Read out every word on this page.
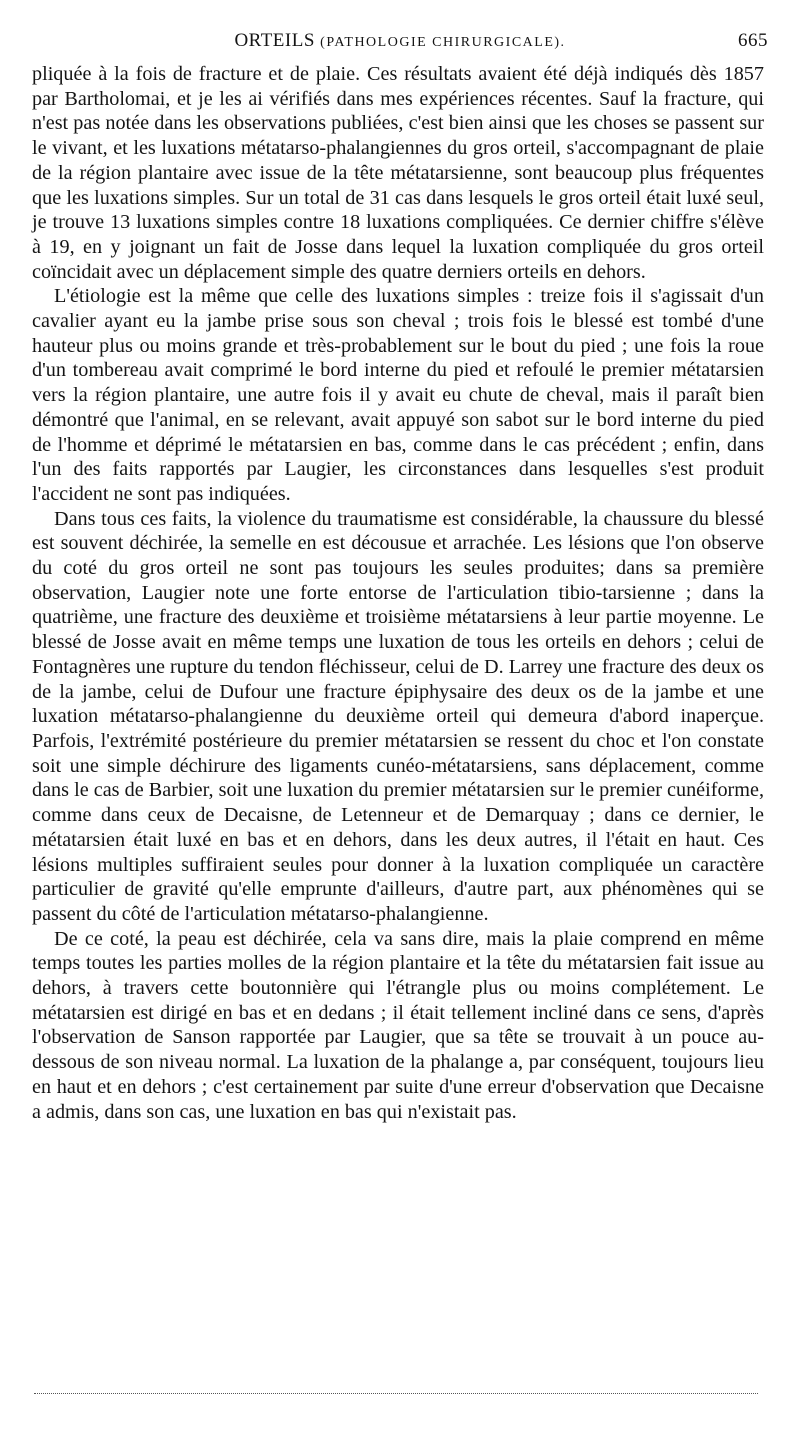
ORTEILS (PATHOLOGIE CHIRURGICALE).	665

pliquée à la fois de fracture et de plaie. Ces résultats avaient été déjà indiqués dès 1857 par Bartholomai, et je les ai vérifiés dans mes expériences récentes. Sauf la fracture, qui n'est pas notée dans les observations publiées, c'est bien ainsi que les choses se passent sur le vivant, et les luxations métatarso-phalangiennes du gros orteil, s'accompagnant de plaie de la région plantaire avec issue de la tête métatarsienne, sont beaucoup plus fréquentes que les luxations simples. Sur un total de 31 cas dans lesquels le gros orteil était luxé seul, je trouve 13 luxations simples contre 18 luxations compliquées. Ce dernier chiffre s'élève à 19, en y joignant un fait de Josse dans lequel la luxation compliquée du gros orteil coïncidait avec un déplacement simple des quatre derniers orteils en dehors.

L'étiologie est la même que celle des luxations simples : treize fois il s'agissait d'un cavalier ayant eu la jambe prise sous son cheval ; trois fois le blessé est tombé d'une hauteur plus ou moins grande et très-probablement sur le bout du pied ; une fois la roue d'un tombereau avait comprimé le bord interne du pied et refoulé le premier métatarsien vers la région plantaire, une autre fois il y avait eu chute de cheval, mais il paraît bien démontré que l'animal, en se relevant, avait appuyé son sabot sur le bord interne du pied de l'homme et déprimé le métatarsien en bas, comme dans le cas précédent ; enfin, dans l'un des faits rapportés par Laugier, les circonstances dans lesquelles s'est produit l'accident ne sont pas indiquées.

Dans tous ces faits, la violence du traumatisme est considérable, la chaussure du blessé est souvent déchirée, la semelle en est décousue et arrachée. Les lésions que l'on observe du coté du gros orteil ne sont pas toujours les seules produites; dans sa première observation, Laugier note une forte entorse de l'articulation tibio-tarsienne ; dans la quatrième, une fracture des deuxième et troisième métatarsiens à leur partie moyenne. Le blessé de Josse avait en même temps une luxation de tous les orteils en dehors ; celui de Fontagnères une rupture du tendon fléchisseur, celui de D. Larrey une fracture des deux os de la jambe, celui de Dufour une fracture épiphysaire des deux os de la jambe et une luxation métatarso-phalangienne du deuxième orteil qui demeura d'abord inaperçue. Parfois, l'extrémité postérieure du premier métatarsien se ressent du choc et l'on constate soit une simple déchirure des ligaments cunéo-métatarsiens, sans déplacement, comme dans le cas de Barbier, soit une luxation du premier métatarsien sur le premier cunéiforme, comme dans ceux de Decaisne, de Letenneur et de Demarquay ; dans ce dernier, le métatarsien était luxé en bas et en dehors, dans les deux autres, il l'était en haut. Ces lésions multiples suffiraient seules pour donner à la luxation compliquée un caractère particulier de gravité qu'elle emprunte d'ailleurs, d'autre part, aux phénomènes qui se passent du côté de l'articulation métatarso-phalangienne.

De ce coté, la peau est déchirée, cela va sans dire, mais la plaie comprend en même temps toutes les parties molles de la région plantaire et la tête du métatarsien fait issue au dehors, à travers cette boutonnière qui l'étrangle plus ou moins complétement. Le métatarsien est dirigé en bas et en dedans ; il était tellement incliné dans ce sens, d'après l'observation de Sanson rapportée par Laugier, que sa tête se trouvait à un pouce au-dessous de son niveau normal. La luxation de la phalange a, par conséquent, toujours lieu en haut et en dehors ; c'est certainement par suite d'une erreur d'observation que Decaisne a admis, dans son cas, une luxation en bas qui n'existait pas.
